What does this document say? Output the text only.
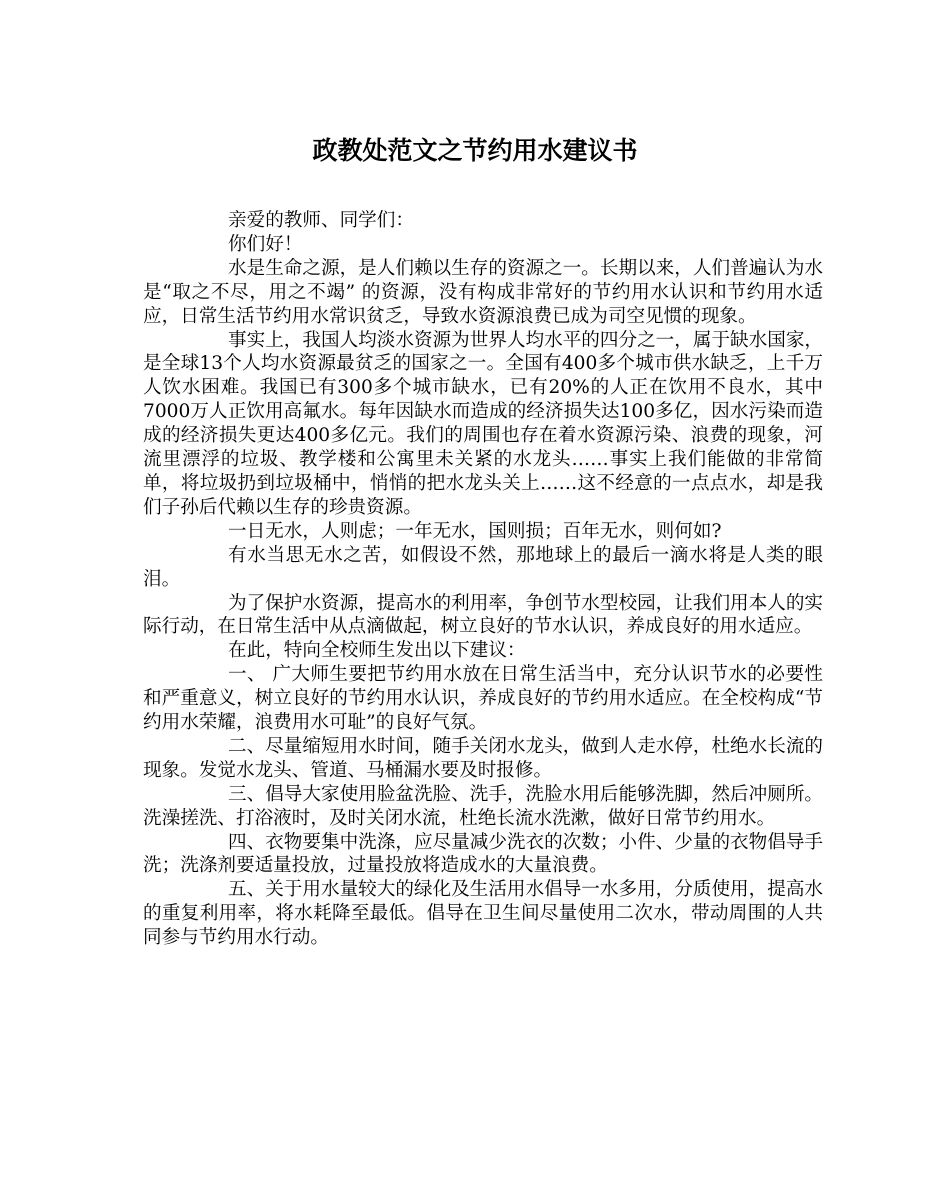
政教处范文之节约用水建议书

亲爱的教师、同学们：

你们好！

水是生命之源，是人们赖以生存的资源之一。长期以来，人们普遍认为水是“取之不尽，用之不竭” 的资源，没有构成非常好的节约用水认识和节约用水适应，日常生活节约用水常识贫乏，导致水资源浪费已成为司空见惯的现象。

事实上，我国人均淡水资源为世界人均水平的四分之一，属于缺水国家，是全球13个人均水资源最贫乏的国家之一。全国有400多个城市供水缺乏，上千万人饮水困难。我国已有300多个城市缺水，已有20%的人正在饮用不良水，其中7000万人正饮用高氟水。每年因缺水而造成的经济损失达100多亿，因水污染而造成的经济损失更达400多亿元。我们的周围也存在着水资源污染、浪费的现象，河流里漂浮的垃圾、教学楼和公寓里未关紧的水龙头……事实上我们能做的非常简单，将垃圾扔到垃圾桶中，悄悄的把水龙头关上……这不经意的一点点水，却是我们子孙后代赖以生存的珍贵资源。

一日无水，人则虑；一年无水，国则损；百年无水，则何如?

有水当思无水之苦，如假设不然，那地球上的最后一滴水将是人类的眼泪。

为了保护水资源，提高水的利用率，争创节水型校园，让我们用本人的实际行动，在日常生活中从点滴做起，树立良好的节水认识，养成良好的用水适应。

在此，特向全校师生发出以下建议：

一、 广大师生要把节约用水放在日常生活当中，充分认识节水的必要性和严重意义，树立良好的节约用水认识，养成良好的节约用水适应。在全校构成“节约用水荣耀，浪费用水可耻”的良好气氛。

二、尽量缩短用水时间，随手关闭水龙头，做到人走水停，杜绝水长流的现象。发觉水龙头、管道、马桶漏水要及时报修。

三、倡导大家使用脸盆洗脸、洗手，洗脸水用后能够洗脚，然后冲厕所。洗澡搓洗、打浴液时，及时关闭水流，杜绝长流水洗漱，做好日常节约用水。

四、衣物要集中洗涤，应尽量减少洗衣的次数；小件、少量的衣物倡导手洗；洗涤剂要适量投放，过量投放将造成水的大量浪费。

五、关于用水量较大的绿化及生活用水倡导一水多用，分质使用，提高水的重复利用率，将水耗降至最低。倡导在卫生间尽量使用二次水，带动周围的人共同参与节约用水行动。
